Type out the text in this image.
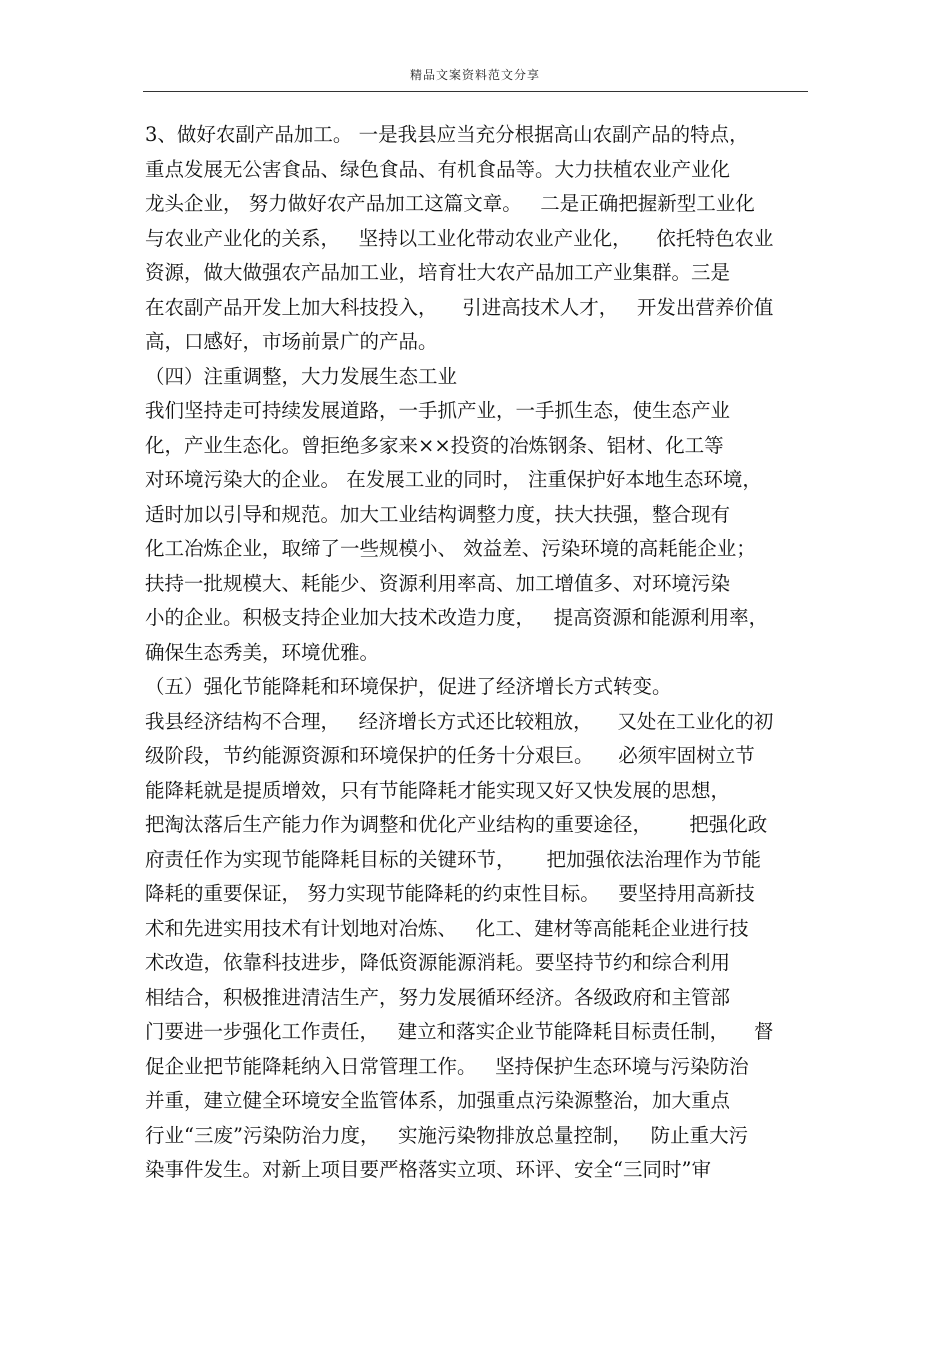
精品文案资料范文分享
3、做好农副产品加工。 一是我县应当充分根据高山农副产品的特点，
重点发展无公害食品、绿色食品、有机食品等。大力扶植农业产业化
龙头企业， 努力做好农产品加工这篇文章。   二是正确把握新型工业化
与农业产业化的关系，   坚持以工业化带动农业产业化，    依托特色农业
资源，做大做强农产品加工业，培育壮大农产品加工产业集群。三是
在农副产品开发上加大科技投入，    引进高技术人才，   开发出营养价值
高，口感好，市场前景广的产品。
（四）注重调整，大力发展生态工业
我们坚持走可持续发展道路，一手抓产业，一手抓生态，使生态产业
化，产业生态化。曾拒绝多家来××投资的冶炼钢条、铝材、化工等
对环境污染大的企业。 在发展工业的同时， 注重保护好本地生态环境，
适时加以引导和规范。加大工业结构调整力度，扶大扶强，整合现有
化工冶炼企业，取缔了一些规模小、 效益差、污染环境的高耗能企业；
扶持一批规模大、耗能少、资源利用率高、加工增值多、对环境污染
小的企业。积极支持企业加大技术改造力度，   提高资源和能源利用率，
确保生态秀美，环境优雅。
（五）强化节能降耗和环境保护，促进了经济增长方式转变。
我县经济结构不合理，   经济增长方式还比较粗放，    又处在工业化的初
级阶段，节约能源资源和环境保护的任务十分艰巨。    必须牢固树立节
能降耗就是提质增效，只有节能降耗才能实现又好又快发展的思想，
把淘汰落后生产能力作为调整和优化产业结构的重要途径，      把强化政
府责任作为实现节能降耗目标的关键环节，     把加强依法治理作为节能
降耗的重要保证， 努力实现节能降耗的约束性目标。   要坚持用高新技
术和先进实用技术有计划地对冶炼、   化工、建材等高能耗企业进行技
术改造，依靠科技进步，降低资源能源消耗。要坚持节约和综合利用
相结合，积极推进清洁生产，努力发展循环经济。各级政府和主管部
门要进一步强化工作责任，   建立和落实企业节能降耗目标责任制，    督
促企业把节能降耗纳入日常管理工作。   坚持保护生态环境与污染防治
并重，建立健全环境安全监管体系，加强重点污染源整治，加大重点
行业“三废”污染防治力度，   实施污染物排放总量控制，   防止重大污
染事件发生。对新上项目要严格落实立项、环评、安全“三同时”审
